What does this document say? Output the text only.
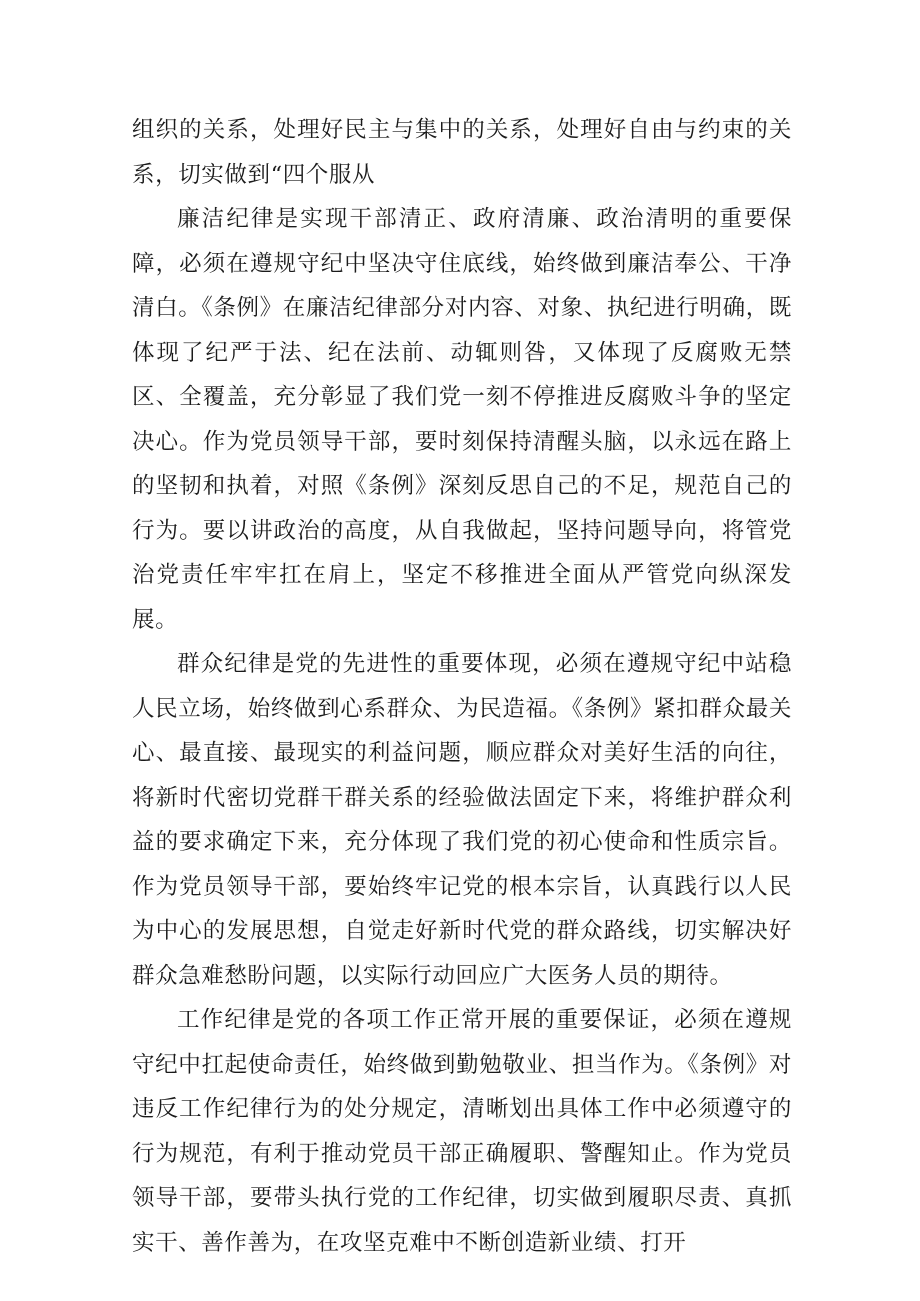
组织的关系，处理好民主与集中的关系，处理好自由与约束的关系，切实做到“四个服从

廉洁纪律是实现干部清正、政府清廉、政治清明的重要保障，必须在遵规守纪中坚决守住底线，始终做到廉洁奉公、干净清白。《条例》在廉洁纪律部分对内容、对象、执纪进行明确，既体现了纪严于法、纪在法前、动辄则咎，又体现了反腐败无禁区、全覆盖，充分彰显了我们党一刻不停推进反腐败斗争的坚定决心。作为党员领导干部，要时刻保持清醒头脑，以永远在路上的坚韧和执着，对照《条例》深刻反思自己的不足，规范自己的行为。要以讲政治的高度，从自我做起，坚持问题导向，将管党治党责任牢牢扛在肩上，坚定不移推进全面从严管党向纵深发展。

群众纪律是党的先进性的重要体现，必须在遵规守纪中站稳人民立场，始终做到心系群众、为民造福。《条例》紧扣群众最关心、最直接、最现实的利益问题，顺应群众对美好生活的向往，将新时代密切党群干群关系的经验做法固定下来，将维护群众利益的要求确定下来，充分体现了我们党的初心使命和性质宗旨。作为党员领导干部，要始终牢记党的根本宗旨，认真践行以人民为中心的发展思想，自觉走好新时代党的群众路线，切实解决好群众急难愁盼问题，以实际行动回应广大医务人员的期待。

工作纪律是党的各项工作正常开展的重要保证，必须在遵规守纪中扛起使命责任，始终做到勤勉敬业、担当作为。《条例》对违反工作纪律行为的处分规定，清晰划出具体工作中必须遵守的行为规范，有利于推动党员干部正确履职、警醒知止。作为党员领导干部，要带头执行党的工作纪律，切实做到履职尽责、真抓实干、善作善为，在攻坚克难中不断创造新业绩、打开
